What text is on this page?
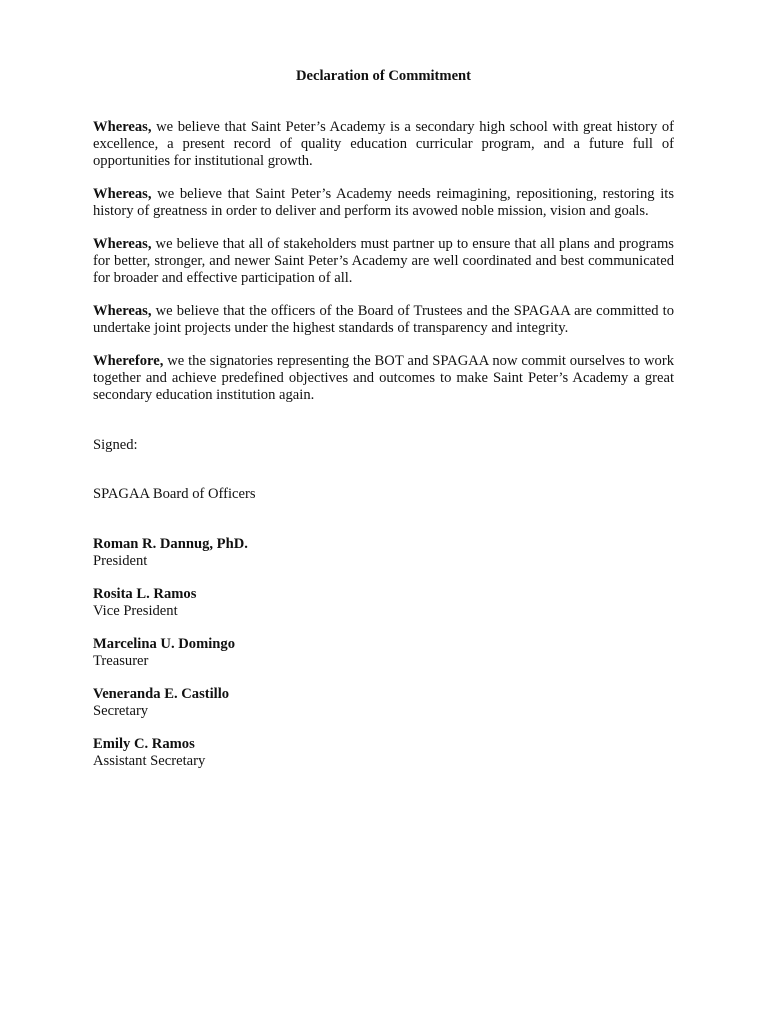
Declaration of Commitment
Whereas, we believe that Saint Peter’s Academy is a secondary high school with great history of excellence, a present record of quality education curricular program, and a future full of opportunities for institutional growth.
Whereas, we believe that Saint Peter’s Academy needs reimagining, repositioning, restoring its history of greatness in order to deliver and perform its avowed noble mission, vision and goals.
Whereas, we believe that all of stakeholders must partner up to ensure that all plans and programs for better, stronger, and newer Saint Peter’s Academy are well coordinated and best communicated for broader and effective participation of all.
Whereas, we believe that the officers of the Board of Trustees and the SPAGAA are committed to undertake joint projects under the highest standards of transparency and integrity.
Wherefore, we the signatories representing the BOT and SPAGAA now commit ourselves to work together and achieve predefined objectives and outcomes to make Saint Peter’s Academy a great secondary education institution again.
Signed:
SPAGAA Board of Officers
Roman R. Dannug, PhD.
President
Rosita L. Ramos
Vice President
Marcelina U. Domingo
Treasurer
Veneranda E. Castillo
Secretary
Emily C. Ramos
Assistant Secretary
